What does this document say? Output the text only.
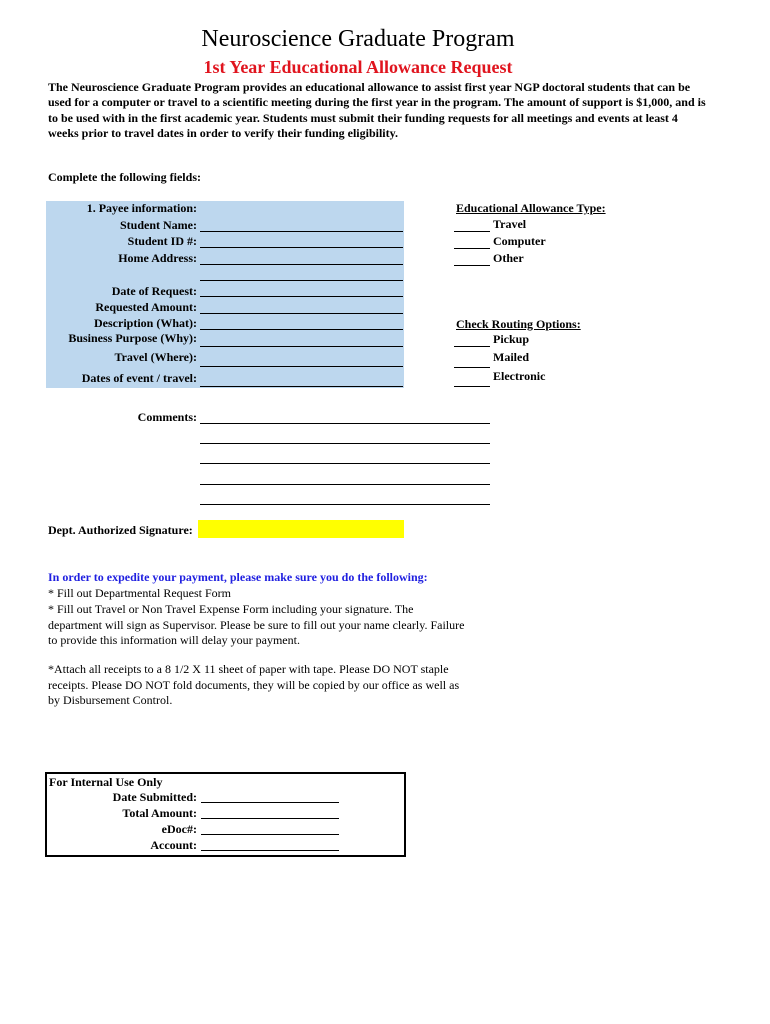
Neuroscience Graduate Program
1st Year Educational Allowance Request
The Neuroscience Graduate Program provides an educational allowance to assist first year NGP doctoral students that can be used for a computer or travel to a scientific meeting during the first year in the program. The amount of support is $1,000, and is to be used with in the first academic year. Students must submit their funding requests for all meetings and events at least 4 weeks prior to travel dates in order to verify their funding eligibility.
Complete the following fields:
1. Payee information:
Student Name:
Student ID #:
Home Address:
Date of Request:
Requested Amount:
Description (What):
Business Purpose (Why):
Travel (Where):
Dates of event / travel:
Educational Allowance Type:
Travel
Computer
Other
Check Routing Options:
Pickup
Mailed
Electronic
Comments:
Dept. Authorized Signature:
In order to expedite your payment, please make sure you do the following:
* Fill out Departmental Request Form
* Fill out Travel or Non Travel Expense Form including your signature. The department will sign as Supervisor. Please be sure to fill out your name clearly. Failure to provide this information will delay your payment.
*Attach all receipts to a 8 1/2 X 11 sheet of paper with tape. Please DO NOT staple receipts. Please DO NOT fold documents, they will be copied by our office as well as by Disbursement Control.
For Internal Use Only
Date Submitted:
Total Amount:
eDoc#:
Account:
